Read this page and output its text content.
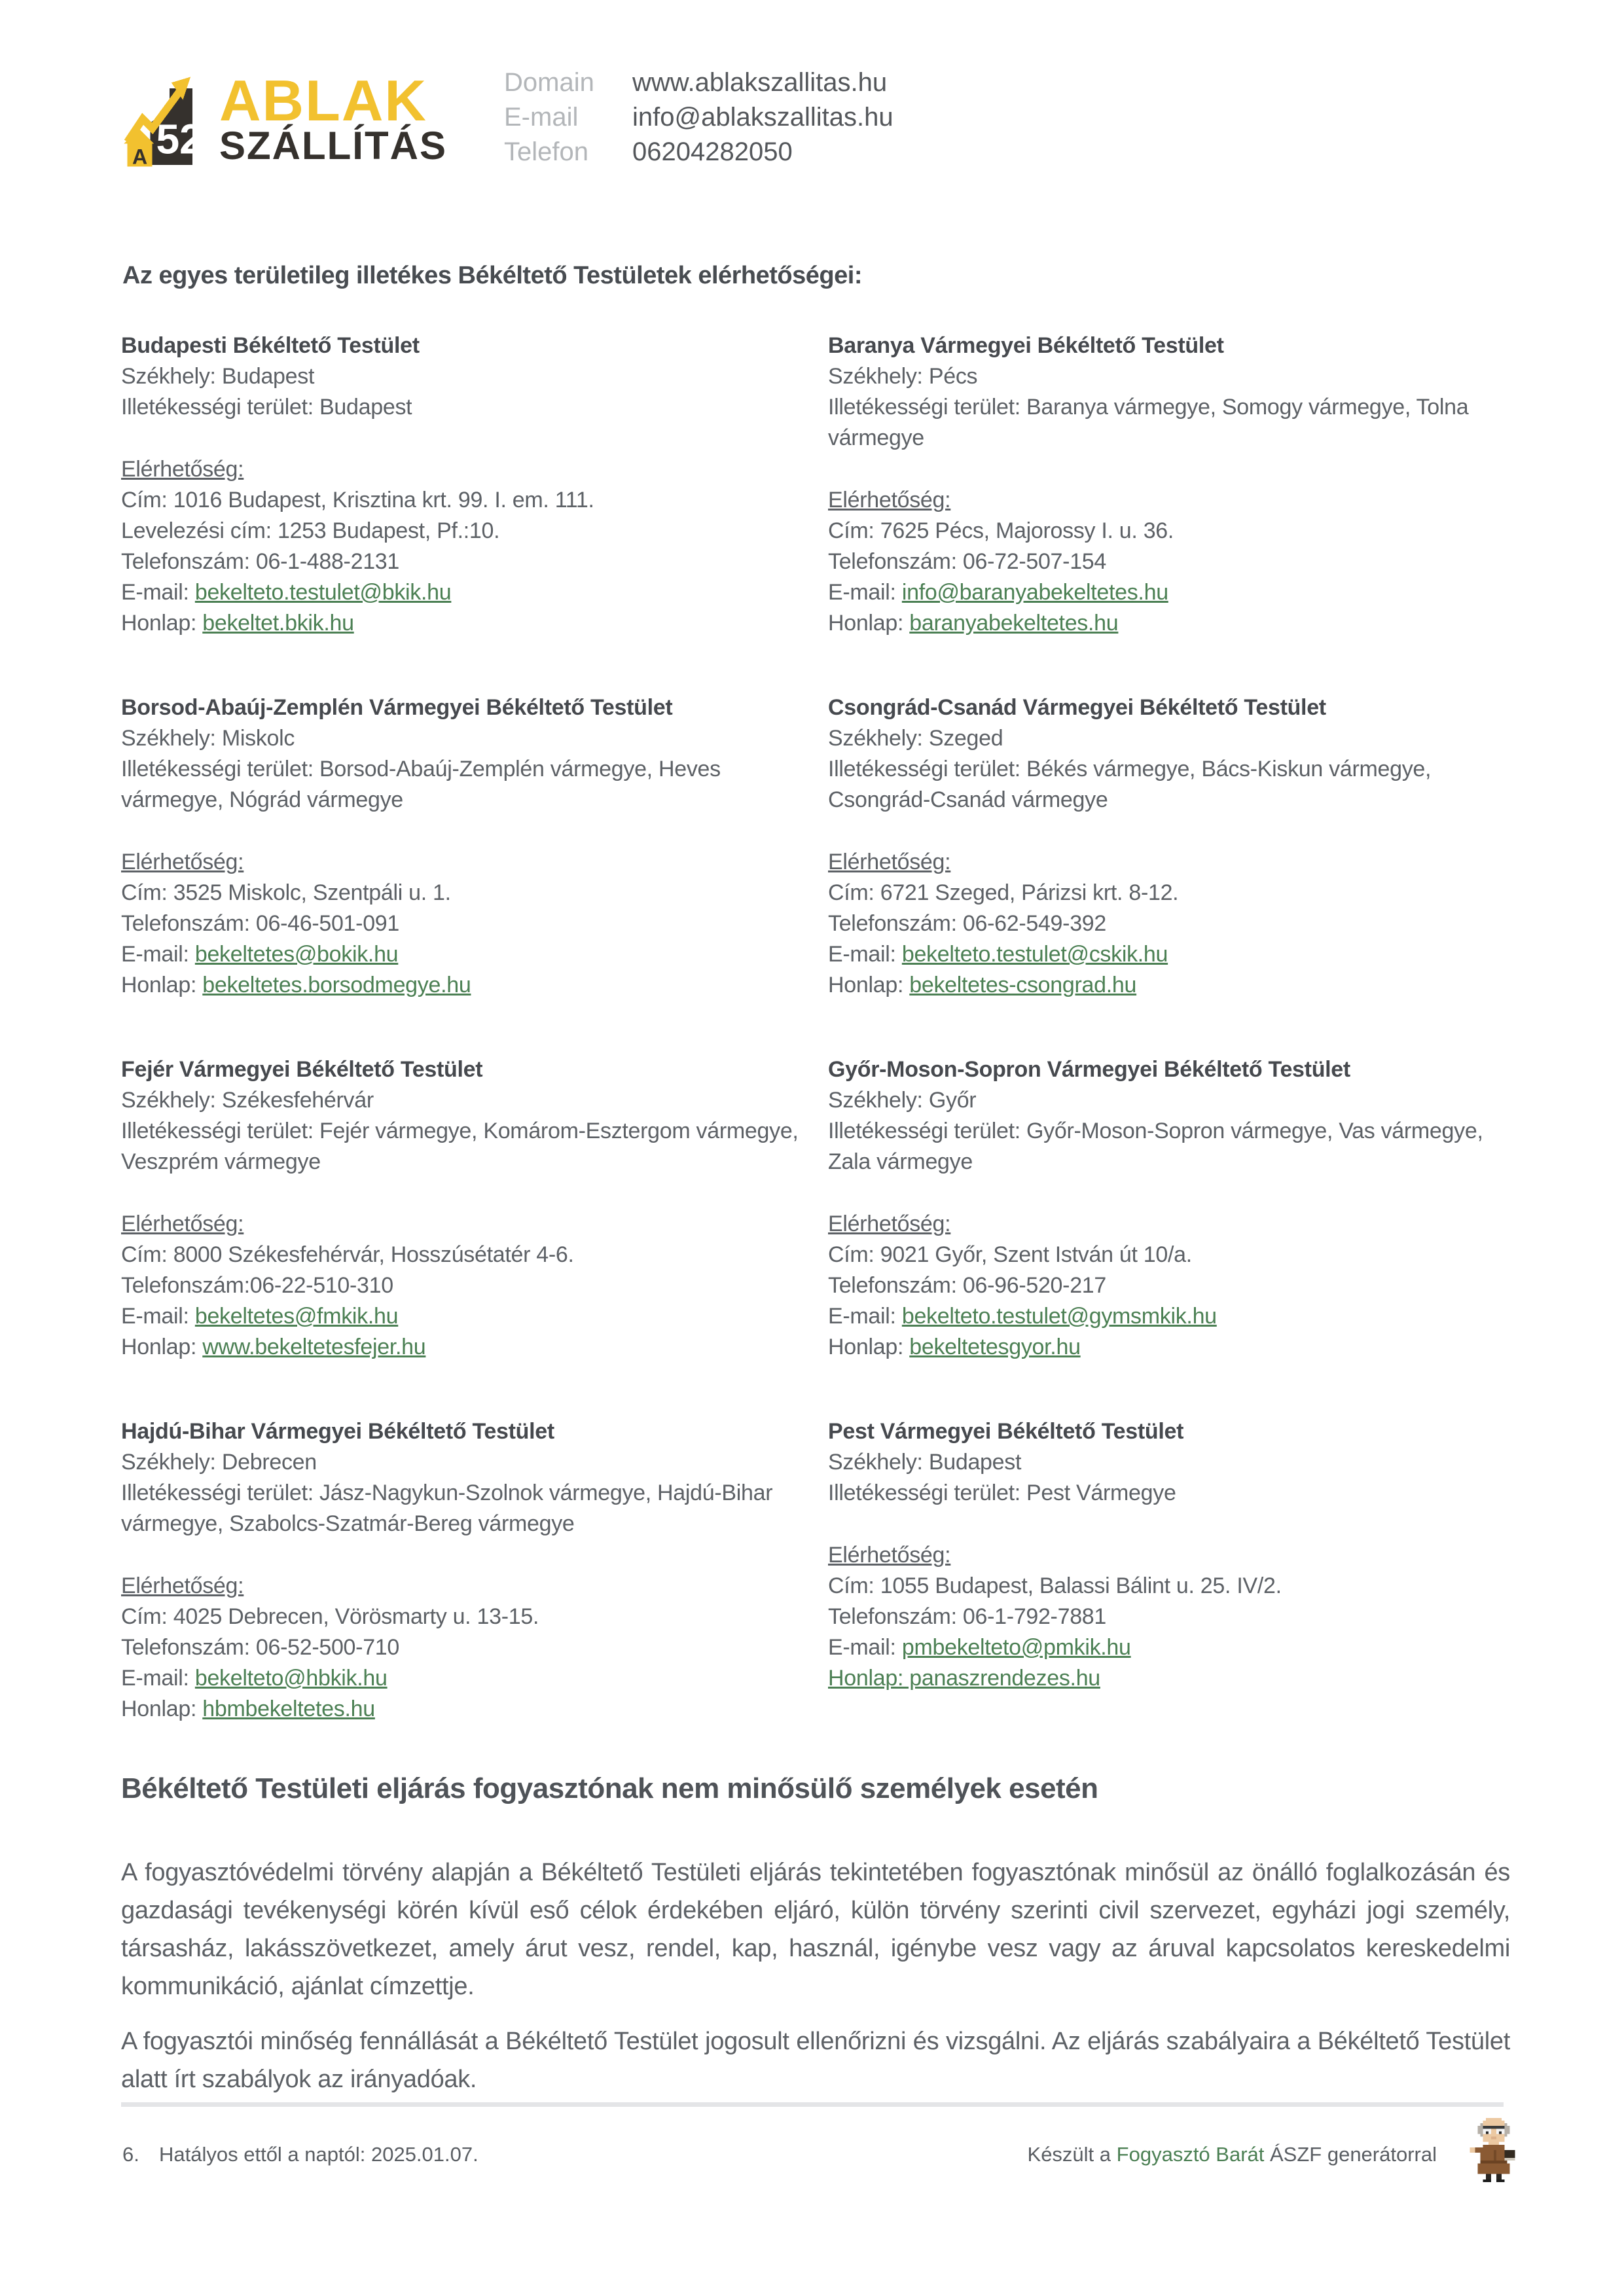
52
A
ABLAK
SZÁLLÍTÁS
Domain	www.ablakszallitas.hu
E-mail	info@ablakszallitas.hu
Telefon	06204282050
Az egyes területileg illetékes Békéltető Testületek elérhetőségei:
Budapesti Békéltető Testület

Székhely: Budapest

Illetékességi terület: Budapest

Elérhetőség:

Cím: 1016 Budapest, Krisztina krt. 99. I. em. 111.

Levelezési cím: 1253 Budapest, Pf.:10.

Telefonszám: 06-1-488-2131

E-mail: bekelteto.testulet@bkik.hu

Honlap: bekeltet.bkik.hu

Baranya Vármegyei Békéltető Testület

Székhely: Pécs

Illetékességi terület: Baranya vármegye, Somogy vármegye, Tolna vármegye

Elérhetőség:

Cím: 7625 Pécs, Majorossy I. u. 36.

Telefonszám: 06-72-507-154

E-mail: info@baranyabekeltetes.hu

Honlap: baranyabekeltetes.hu

Borsod-Abaúj-Zemplén Vármegyei Békéltető Testület

Székhely: Miskolc

Illetékességi terület: Borsod-Abaúj-Zemplén vármegye, Heves vármegye, Nógrád vármegye

Elérhetőség:

Cím: 3525 Miskolc, Szentpáli u. 1.

Telefonszám: 06-46-501-091

E-mail: bekeltetes@bokik.hu

Honlap: bekeltetes.borsodmegye.hu

Csongrád-Csanád Vármegyei Békéltető Testület

Székhely: Szeged

Illetékességi terület: Békés vármegye, Bács-Kiskun vármegye, Csongrád-Csanád vármegye

Elérhetőség:

Cím: 6721 Szeged, Párizsi krt. 8-12.

Telefonszám: 06-62-549-392

E-mail: bekelteto.testulet@cskik.hu

Honlap: bekeltetes-csongrad.hu

Fejér Vármegyei Békéltető Testület

Székhely: Székesfehérvár

Illetékességi terület: Fejér vármegye, Komárom-Esztergom vármegye, Veszprém vármegye

Elérhetőség:

Cím: 8000 Székesfehérvár, Hosszúsétatér 4-6.

Telefonszám:06-22-510-310

E-mail: bekeltetes@fmkik.hu

Honlap: www.bekeltetesfejer.hu

Győr-Moson-Sopron Vármegyei Békéltető Testület

Székhely: Győr

Illetékességi terület: Győr-Moson-Sopron vármegye, Vas vármegye, Zala vármegye

Elérhetőség:

Cím: 9021 Győr, Szent István út 10/a.

Telefonszám: 06-96-520-217

E-mail: bekelteto.testulet@gymsmkik.hu

Honlap: bekeltetesgyor.hu

Hajdú-Bihar Vármegyei Békéltető Testület

Székhely: Debrecen

Illetékességi terület: Jász-Nagykun-Szolnok vármegye, Hajdú-Bihar vármegye, Szabolcs-Szatmár-Bereg vármegye

Elérhetőség:

Cím: 4025 Debrecen, Vörösmarty u. 13-15.

Telefonszám: 06-52-500-710

E-mail: bekelteto@hbkik.hu

Honlap: hbmbekeltetes.hu

Pest Vármegyei Békéltető Testület

Székhely: Budapest

Illetékességi terület: Pest Vármegye

Elérhetőség:

Cím: 1055 Budapest, Balassi Bálint u. 25. IV/2.

Telefonszám: 06-1-792-7881

E-mail: pmbekelteto@pmkik.hu

Honlap: panaszrendezes.hu

Békéltető Testületi eljárás fogyasztónak nem minősülő személyek esetén

A fogyasztóvédelmi törvény alapján a Békéltető Testületi eljárás tekintetében fogyasztónak minősül az önálló foglalkozásán és gazdasági tevékenységi körén kívül eső célok érdekében eljáró, külön törvény szerinti civil szervezet, egyházi jogi személy, társasház, lakásszövetkezet, amely árut vesz, rendel, kap, használ, igénybe vesz vagy az áruval kapcsolatos kereskedelmi kommunikáció, ajánlat címzettje.

A fogyasztói minőség fennállását a Békéltető Testület jogosult ellenőrizni és vizsgálni. Az eljárás szabályaira a Békéltető Testület alatt írt szabályok az irányadóak.

6. Hatályos ettől a naptól: 2025.01.07.	Készült a Fogyasztó Barát ÁSZF generátorral
